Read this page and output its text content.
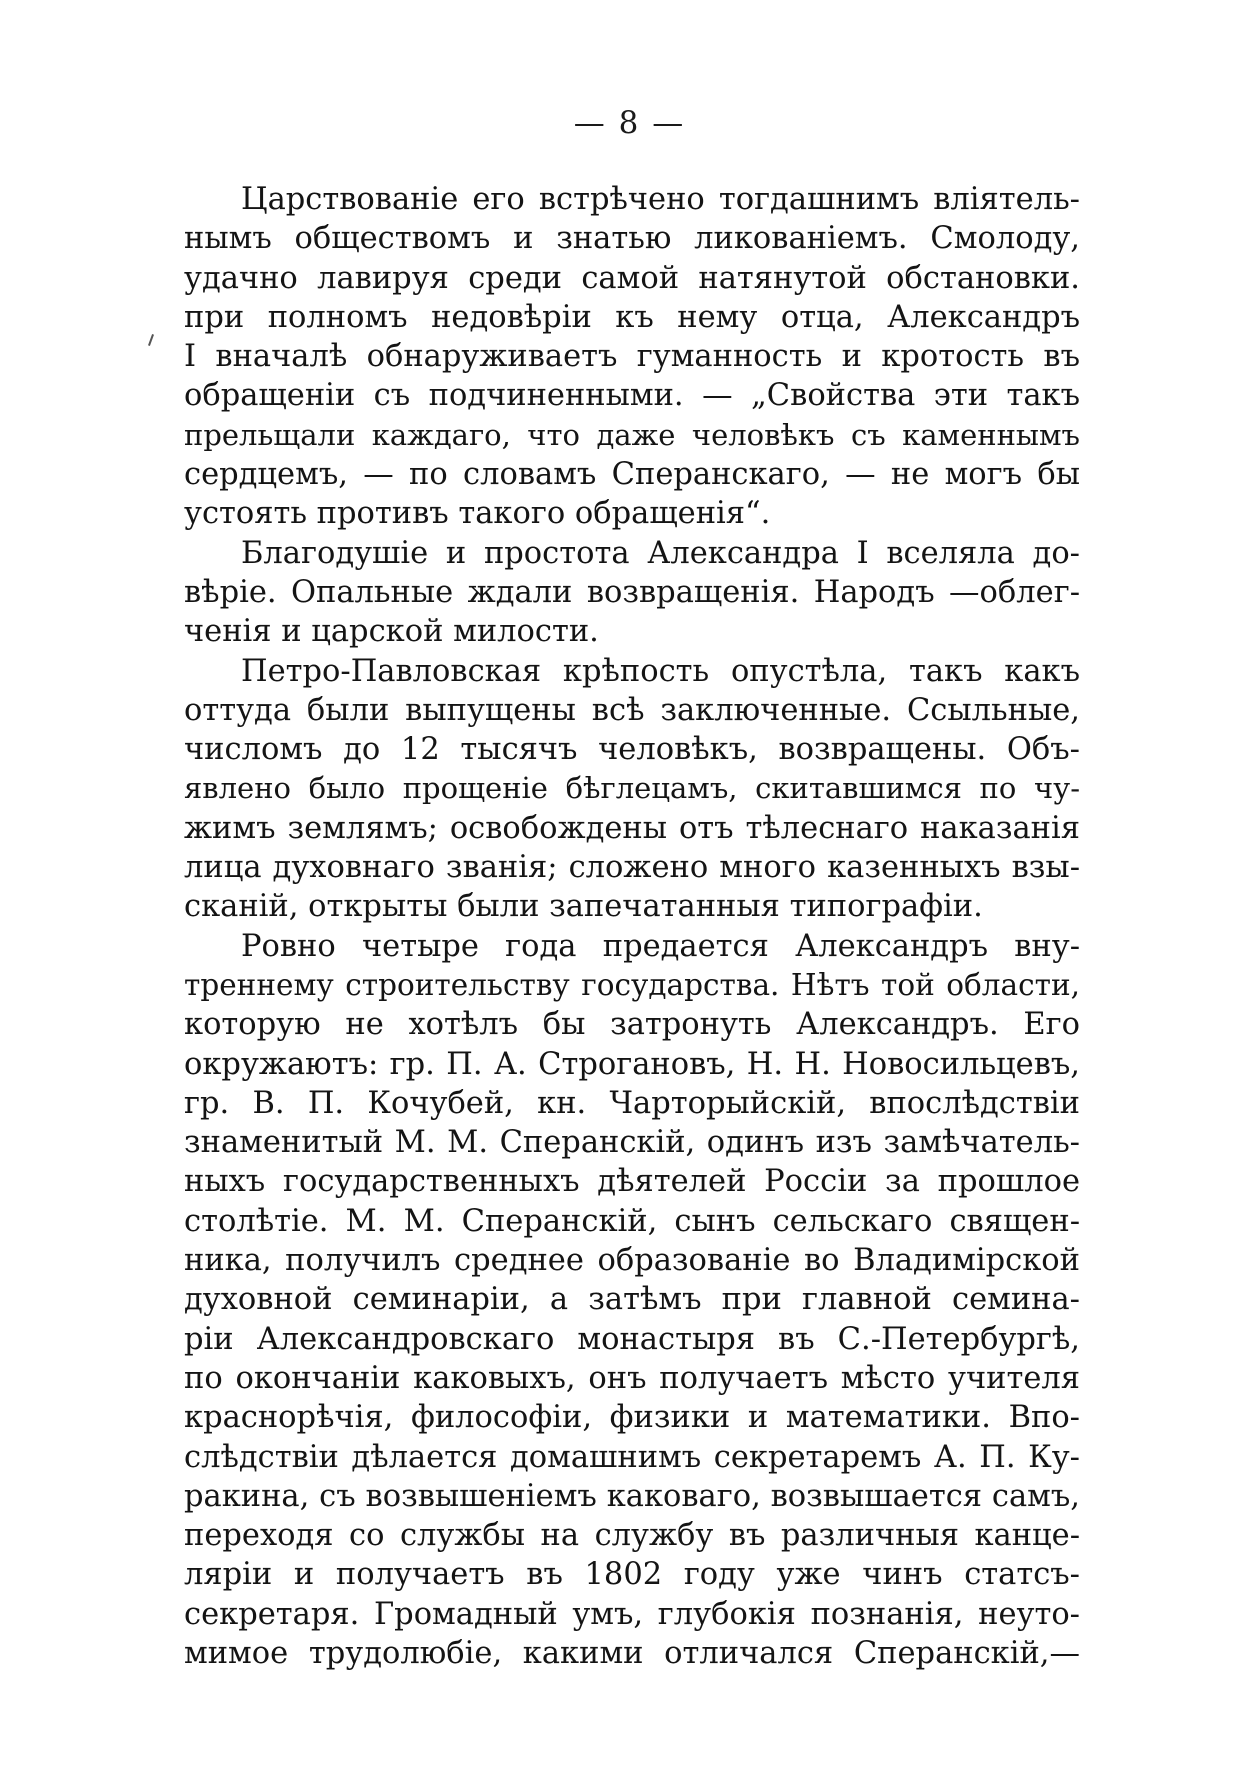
— 8 —
Царствованіе его встрѣчено тогдашнимъ вліятель-
нымъ обществомъ и знатью ликованіемъ. Смолоду,
удачно лавируя среди самой натянутой обстановки.
при полномъ недовѣріи къ нему отца, Александръ
I вначалѣ обнаруживаетъ гуманность и кротость въ
обращеніи съ подчиненными. — „Свойства эти такъ
прельщали каждаго, что даже человѣкъ съ каменнымъ
сердцемъ, — по словамъ Сперанскаго, — не могъ бы
устоять противъ такого обращенія“.
Благодушіе и простота Александра I вселяла до-
вѣріе. Опальные ждали возвращенія. Народъ —облег-
ченія и царской милости.
Петро-Павловская крѣпость опустѣла, такъ какъ
оттуда были выпущены всѣ заключенные. Ссыльные,
числомъ до 12 тысячъ человѣкъ, возвращены. Объ-
явлено было прощеніе бѣглецамъ, скитавшимся по чу-
жимъ землямъ; освобождены отъ тѣлеснаго наказанія
лица духовнаго званія; сложено много казенныхъ взы-
сканій, открыты были запечатанныя типографіи.
Ровно четыре года предается Александръ вну-
треннему строительству государства. Нѣтъ той области,
которую не хотѣлъ бы затронуть Александръ. Его
окружаютъ: гр. П. А. Строгановъ, Н. Н. Новосильцевъ,
гр. В. П. Кочубей, кн. Чарторыйскій, впослѣдствіи
знаменитый М. М. Сперанскій, одинъ изъ замѣчатель-
ныхъ государственныхъ дѣятелей Россіи за прошлое
столѣтіе. М. М. Сперанскій, сынъ сельскаго священ-
ника, получилъ среднее образованіе во Владимірской
духовной семинаріи, а затѣмъ при главной семина-
ріи Александровскаго монастыря въ С.-Петербургѣ,
по окончаніи каковыхъ, онъ получаетъ мѣсто учителя
краснорѣчія, философіи, физики и математики. Впо-
слѣдствіи дѣлается домашнимъ секретаремъ А. П. Ку-
ракина, съ возвышеніемъ каковаго, возвышается самъ,
переходя со службы на службу въ различныя канце-
ляріи и получаетъ въ 1802 году уже чинъ статсъ-
секретаря. Громадный умъ, глубокія познанія, неуто-
мимое трудолюбіе, какими отличался Сперанскій,—
